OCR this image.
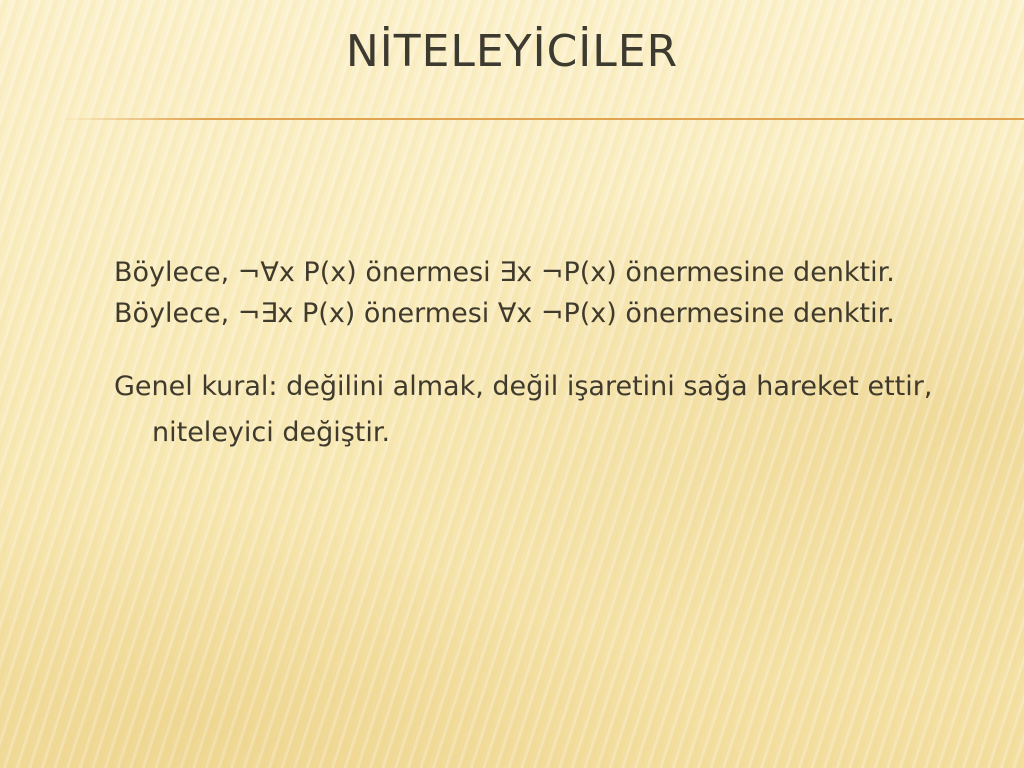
NİTELEYİCİLER

Böylece, ¬∀x P(x) önermesi ∃x ¬P(x) önermesine denktir.

Böylece, ¬∃x P(x) önermesi ∀x ¬P(x) önermesine denktir.

Genel kural: değilini almak, değil işaretini sağa hareket ettir, niteleyici değiştir.
